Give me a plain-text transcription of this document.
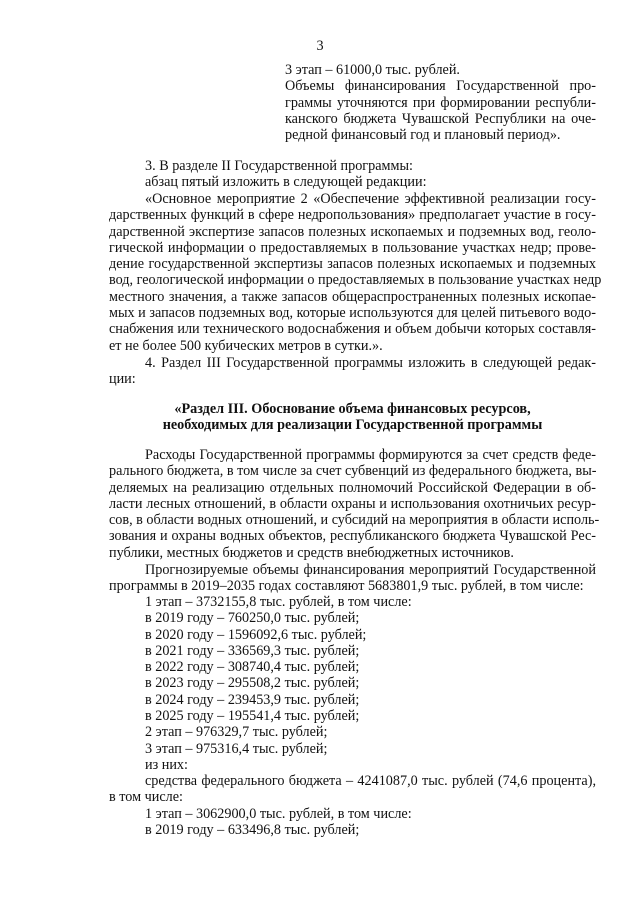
3
3 этап – 61000,0 тыс. рублей.
Объемы финансирования Государственной про-
граммы уточняются при формировании республи-
канского бюджета Чувашской Республики на оче-
редной финансовый год и плановый период».
3. В разделе II Государственной программы:
абзац пятый изложить в следующей редакции:
«Основное мероприятие 2 «Обеспечение эффективной реализации госу-
дарственных функций в сфере недропользования» предполагает участие в госу-
дарственной экспертизе запасов полезных ископаемых и подземных вод, геоло-
гической информации о предоставляемых в пользование участках недр; прове-
дение государственной экспертизы запасов полезных ископаемых и подземных
вод, геологической информации о предоставляемых в пользование участках недр
местного значения, а также запасов общераспространенных полезных ископае-
мых и запасов подземных вод, которые используются для целей питьевого водо-
снабжения или технического водоснабжения и объем добычи которых составля-
ет не более 500 кубических метров в сутки.».
4. Раздел III Государственной программы изложить в следующей редак-
ции:
«Раздел III. Обоснование объема финансовых ресурсов,
необходимых для реализации Государственной программы
Расходы Государственной программы формируются за счет средств феде-
рального бюджета, в том числе за счет субвенций из федерального бюджета, вы-
деляемых на реализацию отдельных полномочий Российской Федерации в об-
ласти лесных отношений, в области охраны и использования охотничьих ресур-
сов, в области водных отношений, и субсидий на мероприятия в области исполь-
зования и охраны водных объектов, республиканского бюджета Чувашской Рес-
публики, местных бюджетов и средств внебюджетных источников.
Прогнозируемые объемы финансирования мероприятий Государственной
программы в 2019–2035 годах составляют 5683801,9 тыс. рублей, в том числе:
1 этап – 3732155,8 тыс. рублей, в том числе:
в 2019 году – 760250,0 тыс. рублей;
в 2020 году – 1596092,6 тыс. рублей;
в 2021 году – 336569,3 тыс. рублей;
в 2022 году – 308740,4 тыс. рублей;
в 2023 году – 295508,2 тыс. рублей;
в 2024 году – 239453,9 тыс. рублей;
в 2025 году – 195541,4 тыс. рублей;
2 этап – 976329,7 тыс. рублей;
3 этап – 975316,4 тыс. рублей;
из них:
средства федерального бюджета – 4241087,0 тыс. рублей (74,6 процента),
в том числе:
1 этап – 3062900,0 тыс. рублей, в том числе:
в 2019 году – 633496,8 тыс. рублей;
